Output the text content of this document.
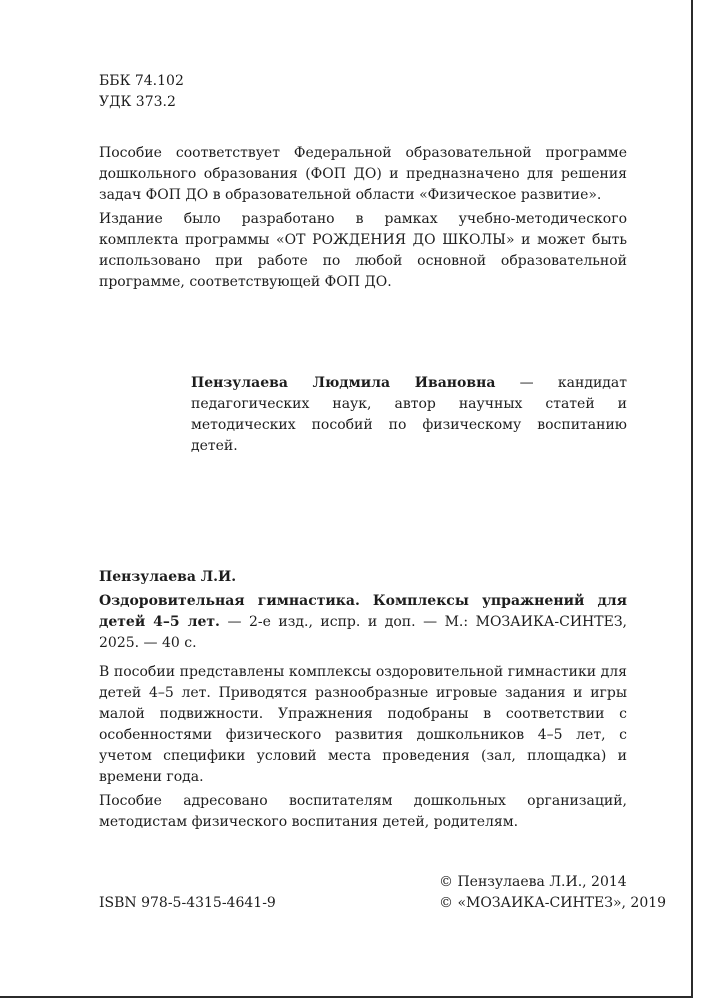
ББК 74.102
УДК 373.2

Пособие соответствует Федеральной образовательной программе дошкольного образования (ФОП ДО) и предназначено для решения задач ФОП ДО в образовательной области «Физическое развитие».

Издание было разработано в рамках учебно-методического комплекта программы «ОТ РОЖДЕНИЯ ДО ШКОЛЫ» и может быть использовано при работе по любой основной образовательной программе, соответствующей ФОП ДО.

Пензулаева Людмила Ивановна — кандидат педагогических наук, автор научных статей и методических пособий по физическому воспитанию детей.

Пензулаева Л.И.

Оздоровительная гимнастика. Комплексы упражнений для детей 4–5 лет. — 2-е изд., испр. и доп. — М.: МОЗАИКА-СИНТЕЗ, 2025. — 40 с.

В пособии представлены комплексы оздоровительной гимнастики для детей 4–5 лет. Приводятся разнообразные игровые задания и игры малой подвижности. Упражнения подобраны в соответствии с особенностями физического развития дошкольников 4–5 лет, с учетом специфики условий места проведения (зал, площадка) и времени года.

Пособие адресовано воспитателям дошкольных организаций, методистам физического воспитания детей, родителям.

ISBN 978-5-4315-4641-9
© Пензулаева Л.И., 2014
© «МОЗАИКА-СИНТЕЗ», 2019
